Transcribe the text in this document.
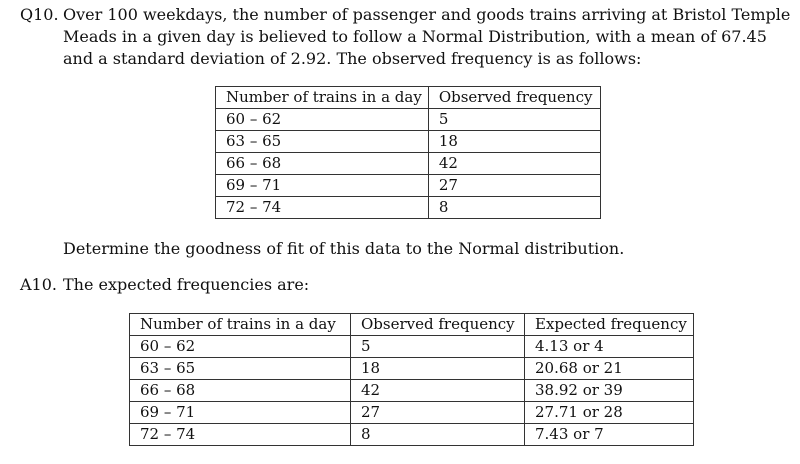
Q10. Over 100 weekdays, the number of passenger and goods trains arriving at Bristol Temple
Meads in a given day is believed to follow a Normal Distribution, with a mean of 67.45
and a standard deviation of 2.92. The observed frequency is as follows:
Number of trains in a day	Observed frequency
60 – 62	5
63 – 65	18
66 – 68	42
69 – 71	27
72 – 74	8
Determine the goodness of fit of this data to the Normal distribution.
A10. The expected frequencies are:
Number of trains in a day	Observed frequency	Expected frequency
60 – 62	5	4.13 or 4
63 – 65	18	20.68 or 21
66 – 68	42	38.92 or 39
69 – 71	27	27.71 or 28
72 – 74	8	7.43 or 7
